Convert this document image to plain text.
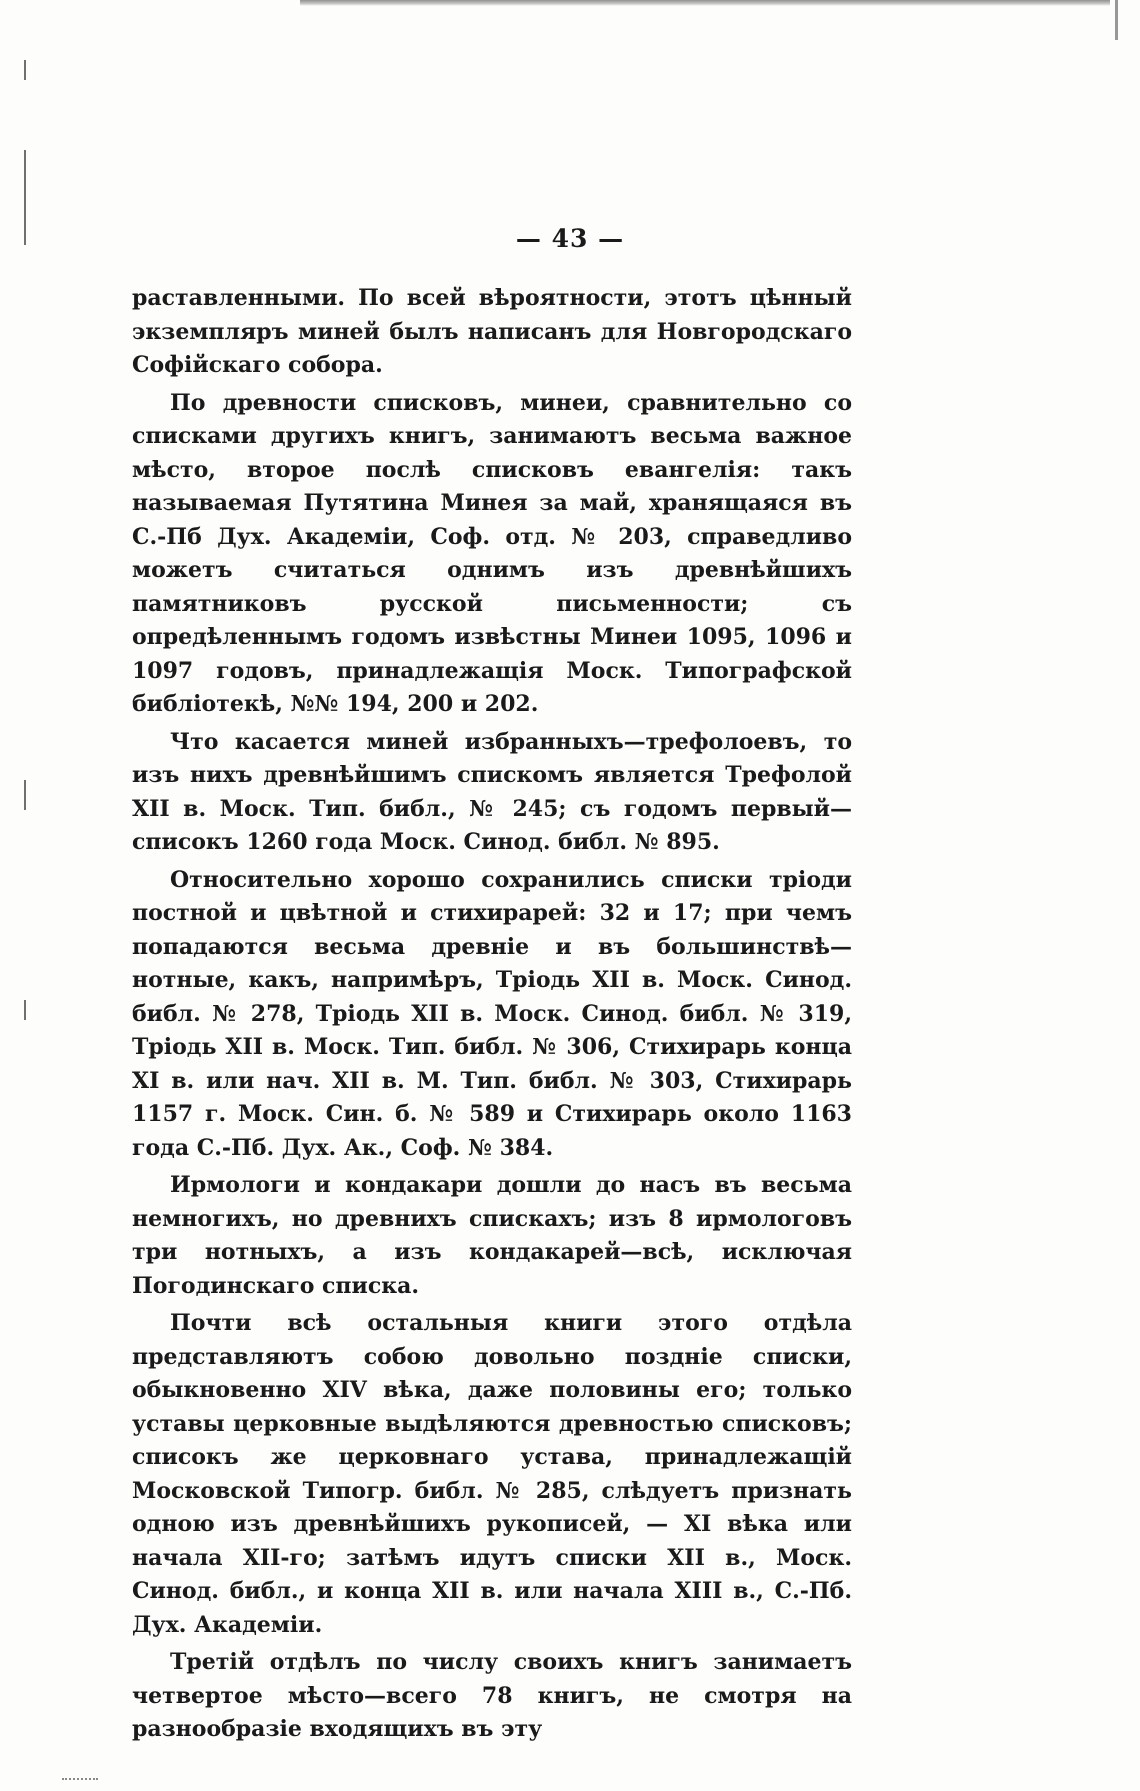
— 43 —

раставленными. По всей вѣроятности, этотъ цѣнный экземпляръ миней былъ написанъ для Новгородскаго Софійскаго собора.

По древности списковъ, минеи, сравнительно со списками другихъ книгъ, занимаютъ весьма важное мѣсто, второе послѣ списковъ евангелія: такъ называемая Путятина Минея за май, хранящаяся въ С.-Пб Дух. Академіи, Соф. отд. № 203, справедливо можетъ считаться однимъ изъ древнѣйшихъ памятниковъ русской письменности; съ опредѣленнымъ годомъ извѣстны Минеи 1095, 1096 и 1097 годовъ, принадлежащія Моск. Типографской библіотекѣ, №№ 194, 200 и 202.

Что касается миней избранныхъ—трефолоевъ, то изъ нихъ древнѣйшимъ спискомъ является Трефолой XII в. Моск. Тип. библ., № 245; съ годомъ первый—списокъ 1260 года Моск. Синод. библ. № 895.

Относительно хорошо сохранились списки тріоди постной и цвѣтной и стихирарей: 32 и 17; при чемъ попадаются весьма древніе и въ большинствѣ—нотные, какъ, напримѣръ, Тріодь XII в. Моск. Синод. библ. № 278, Тріодь XII в. Моск. Синод. библ. № 319, Тріодь XII в. Моск. Тип. библ. № 306, Стихирарь конца XI в. или нач. XII в. М. Тип. библ. № 303, Стихирарь 1157 г. Моск. Син. б. № 589 и Стихирарь около 1163 года С.-Пб. Дух. Ак., Соф. № 384.

Ирмологи и кондакари дошли до насъ въ весьма немногихъ, но древнихъ спискахъ; изъ 8 ирмологовъ три нотныхъ, а изъ кондакарей—всѣ, исключая Погодинскаго списка.

Почти всѣ остальныя книги этого отдѣла представляютъ собою довольно поздніе списки, обыкновенно XIV вѣка, даже половины его; только уставы церковные выдѣляются древностью списковъ; списокъ же церковнаго устава, принадлежащій Московской Типогр. библ. № 285, слѣдуетъ признать одною изъ древнѣйшихъ рукописей, — XI вѣка или начала XII-го; затѣмъ идутъ списки XII в., Моск. Синод. библ., и конца XII в. или начала XIII в., С.-Пб. Дух. Академіи.

Третій отдѣлъ по числу своихъ книгъ занимаетъ четвертое мѣсто—всего 78 книгъ, не смотря на разнообразіе входящихъ въ эту
